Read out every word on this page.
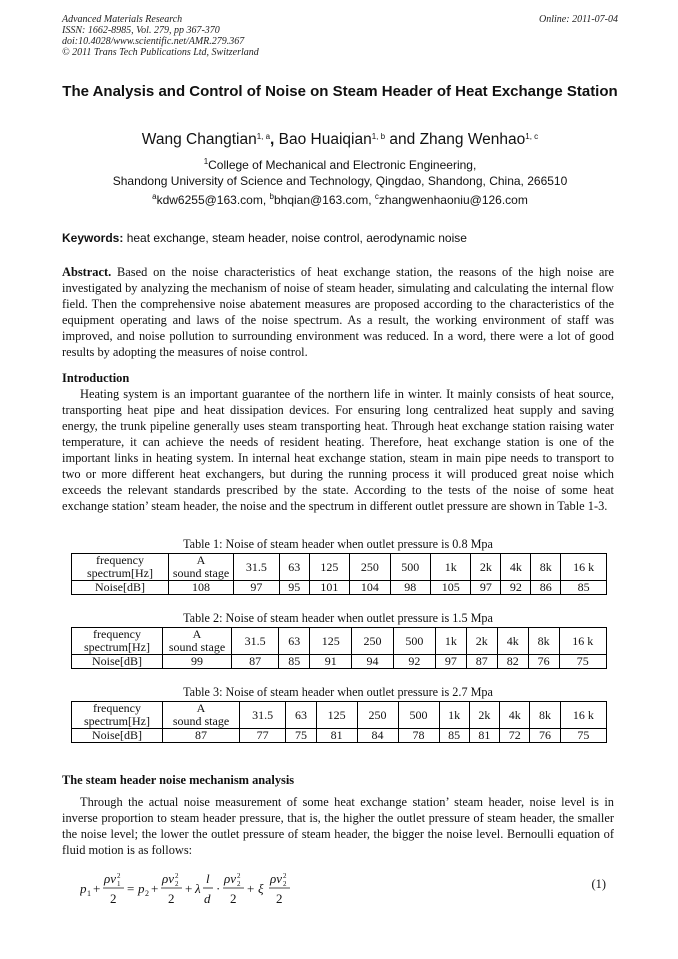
Advanced Materials Research
ISSN: 1662-8985, Vol. 279, pp 367-370
doi:10.4028/www.scientific.net/AMR.279.367
© 2011 Trans Tech Publications Ltd, Switzerland
Online: 2011-07-04
The Analysis and Control of Noise on Steam Header of Heat Exchange Station
Wang Changtian$^{1, a}$, Bao Huaiqian$^{1, b}$ and Zhang Wenhao$^{1, c}$
$^1$College of Mechanical and Electronic Engineering,
Shandong University of Science and Technology, Qingdao, Shandong, China, 266510
$^a$kdw6255@163.com, $^b$bhqian@163.com, $^c$zhangwenhaoniu@126.com
Keywords: heat exchange, steam header, noise control, aerodynamic noise
Abstract. Based on the noise characteristics of heat exchange station, the reasons of the high noise are investigated by analyzing the mechanism of noise of steam header, simulating and calculating the internal flow field. Then the comprehensive noise abatement measures are proposed according to the characteristics of the equipment operating and laws of the noise spectrum. As a result, the working environment of staff was improved, and noise pollution to surrounding environment was reduced. In a word, there were a lot of good results by adopting the measures of noise control.
Introduction
Heating system is an important guarantee of the northern life in winter. It mainly consists of heat source, transporting heat pipe and heat dissipation devices. For ensuring long centralized heat supply and saving energy, the trunk pipeline generally uses steam transporting heat. Through heat exchange station raising water temperature, it can achieve the needs of resident heating. Therefore, heat exchange station is one of the important links in heating system. In internal heat exchange station, steam in main pipe needs to transport to two or more different heat exchangers, but during the running process it will produced great noise which exceeds the relevant standards prescribed by the state. According to the tests of the noise of some heat exchange station’ steam header, the noise and the spectrum in different outlet pressure are shown in Table 1-3.
Table 1: Noise of steam header when outlet pressure is 0.8 Mpa
frequency
spectrum[Hz]	A
sound stage	31.5	63	125	250	500	1k	2k	4k	8k	16 k
Noise[dB]	108	97	95	101	104	98	105	97	92	86	85
Table 2: Noise of steam header when outlet pressure is 1.5 Mpa
frequency
spectrum[Hz]	A
sound stage	31.5	63	125	250	500	1k	2k	4k	8k	16 k
Noise[dB]	99	87	85	91	94	92	97	87	82	76	75
Table 3: Noise of steam header when outlet pressure is 2.7 Mpa
frequency
spectrum[Hz]	A
sound stage	31.5	63	125	250	500	1k	2k	4k	8k	16 k
Noise[dB]	87	77	75	81	84	78	85	81	72	76	75
The steam header noise mechanism analysis
Through the actual noise measurement of some heat exchange station’ steam header, noise level is in inverse proportion to steam header pressure, that is, the higher the outlet pressure of steam header, the smaller the noise level; the lower the outlet pressure of steam header, the bigger the noise level. Bernoulli equation of fluid motion is as follows:
p 1 +
ρv 2
1
2
= p 2 +
ρv 2
2
2
+ λ
l
d
·
ρv 2
2
2
+ ξ
ρv 2
2
2
(1)
